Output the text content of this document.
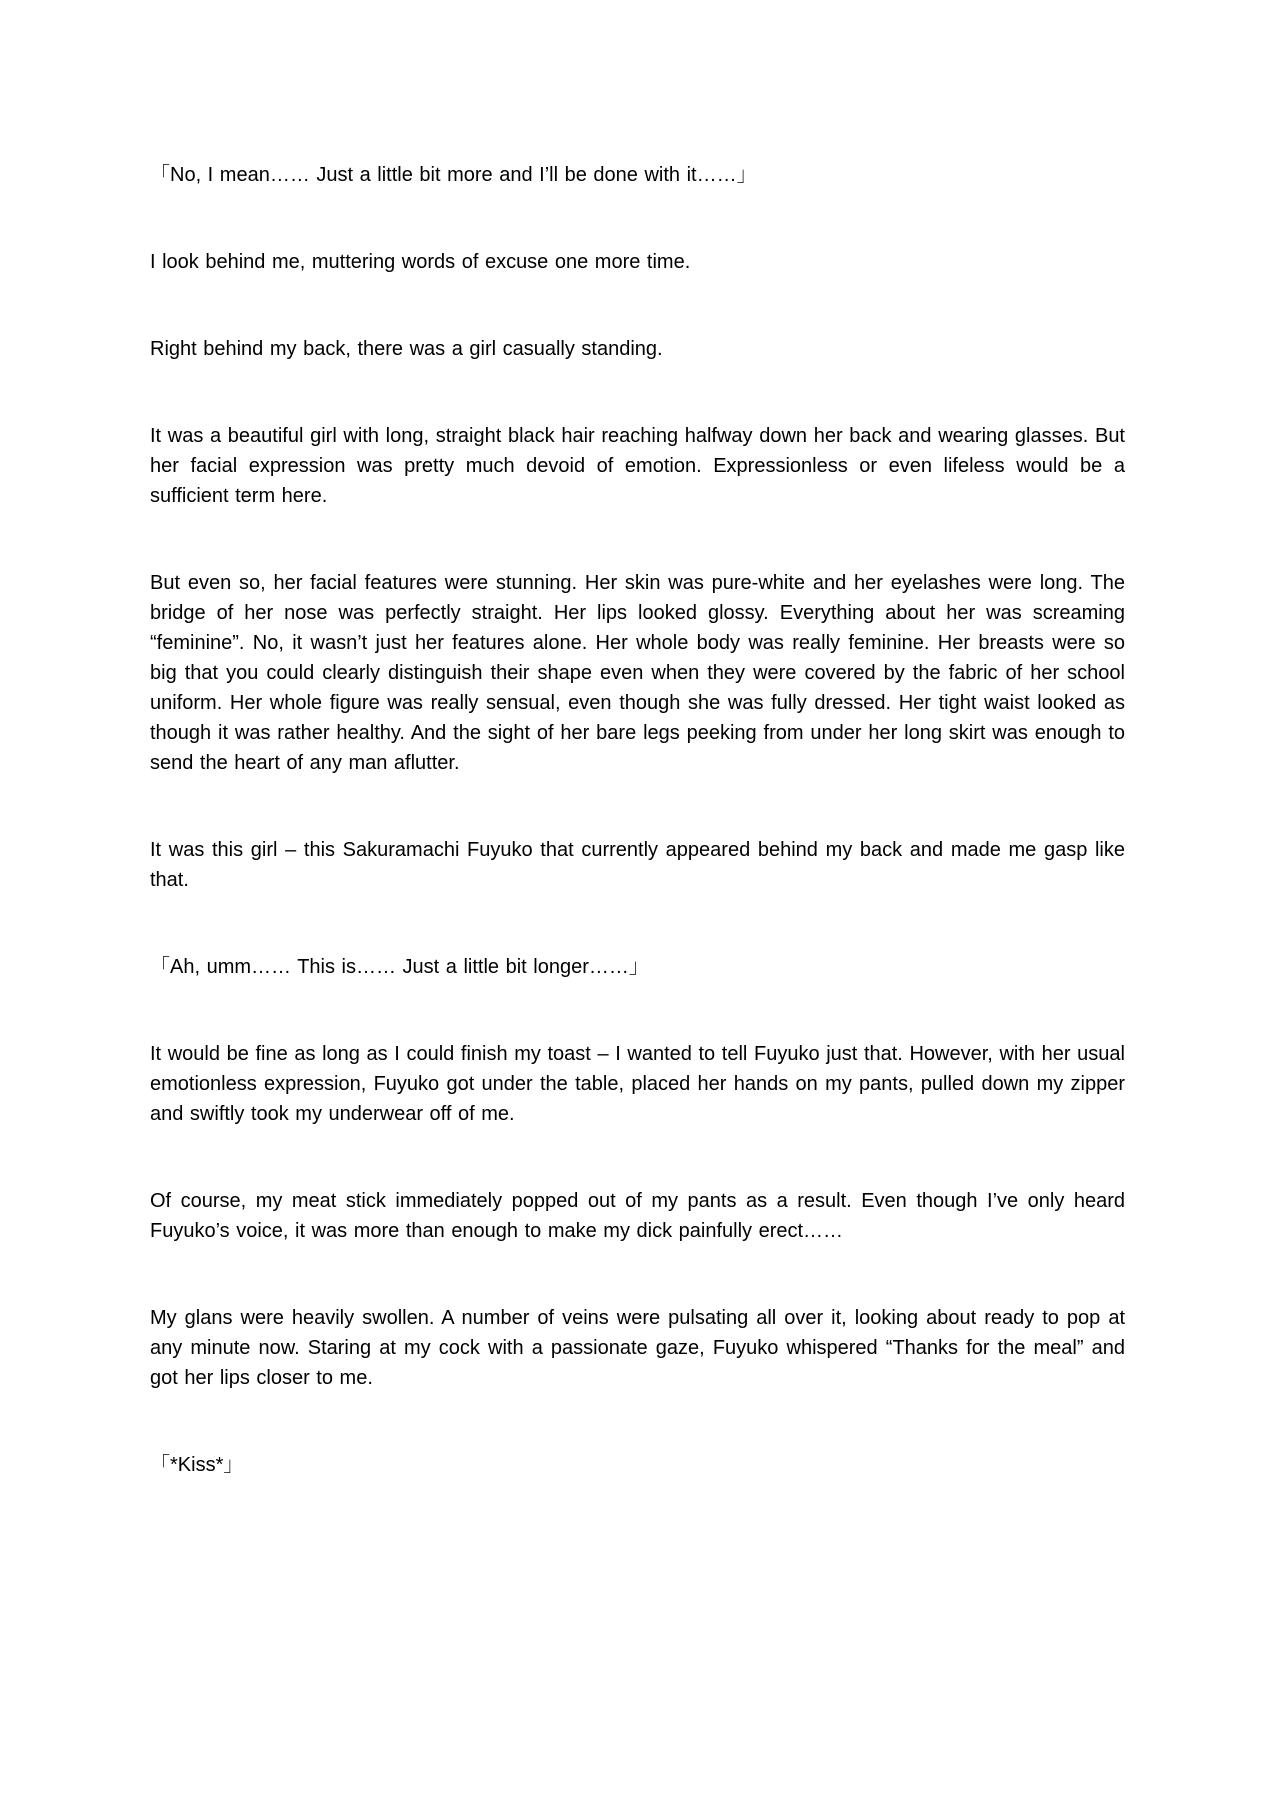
「No, I mean…… Just a little bit more and I’ll be done with it……」

I look behind me, muttering words of excuse one more time.

Right behind my back, there was a girl casually standing.

It was a beautiful girl with long, straight black hair reaching halfway down her back and wearing glasses. But her facial expression was pretty much devoid of emotion. Expressionless or even lifeless would be a sufficient term here.

But even so, her facial features were stunning. Her skin was pure-white and her eyelashes were long. The bridge of her nose was perfectly straight. Her lips looked glossy. Everything about her was screaming “feminine”. No, it wasn’t just her features alone. Her whole body was really feminine. Her breasts were so big that you could clearly distinguish their shape even when they were covered by the fabric of her school uniform. Her whole figure was really sensual, even though she was fully dressed. Her tight waist looked as though it was rather healthy. And the sight of her bare legs peeking from under her long skirt was enough to send the heart of any man aflutter.

It was this girl – this Sakuramachi Fuyuko that currently appeared behind my back and made me gasp like that.

「Ah, umm…… This is…… Just a little bit longer……」

It would be fine as long as I could finish my toast – I wanted to tell Fuyuko just that. However, with her usual emotionless expression, Fuyuko got under the table, placed her hands on my pants, pulled down my zipper and swiftly took my underwear off of me.

Of course, my meat stick immediately popped out of my pants as a result. Even though I’ve only heard Fuyuko’s voice, it was more than enough to make my dick painfully erect……

My glans were heavily swollen. A number of veins were pulsating all over it, looking about ready to pop at any minute now. Staring at my cock with a passionate gaze, Fuyuko whispered “Thanks for the meal” and got her lips closer to me.

「*Kiss*」
